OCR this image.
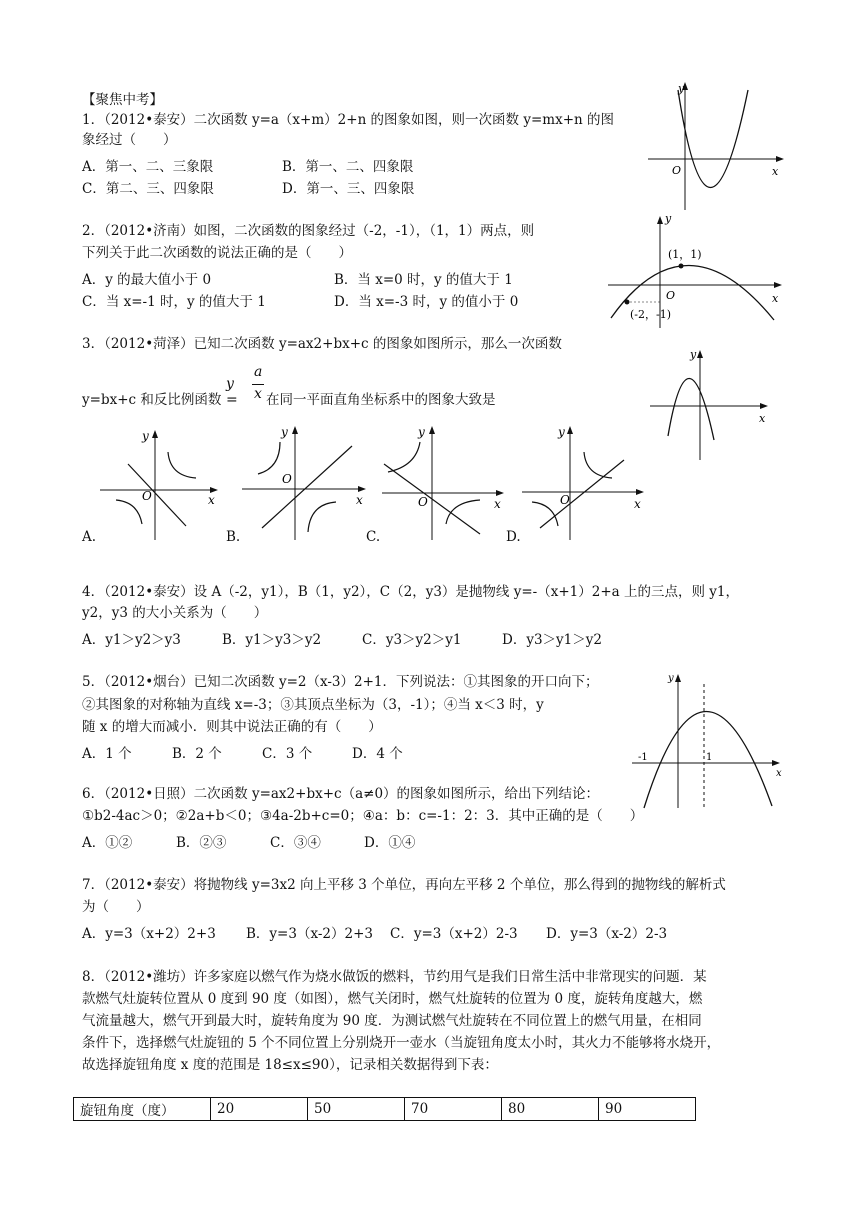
【聚焦中考】
1．（2012•泰安）二次函数 y=a（x+m）2+n 的图象如图，则一次函数 y=mx+n 的图
象经过（　　）
A．第一、二、三象限	B．第一、二、四象限
C．第二、三、四象限	D．第一、三、四象限
y
O	x
2．（2012•济南）如图，二次函数的图象经过（-2，-1），（1，1）两点，则
下列关于此二次函数的说法正确的是（　　）
A．y 的最大值小于 0	B．当 x=0 时，y 的值大于 1
C．当 x=-1 时，y 的值大于 1	D．当 x=-3 时，y 的值小于 0
y
O	x
(1，1)
(-2，-1)
3．（2012•菏泽）已知二次函数 y=ax2+bx+c 的图象如图所示，那么一次函数
y=bx+c 和反比例函数
y =
a
x 在同一平面直角坐标系中的图象大致是
y
x
y
O	x
A.
y
O
x
B.
y
O	x
C.
y
O	x
D.
4．（2012•泰安）设 A（-2，y1），B（1，y2），C（2，y3）是抛物线 y=-（x+1）2+a 上的三点，则 y1，
y2，y3 的大小关系为（　　）
A．y1＞y2＞y3	B．y1＞y3＞y2	C．y3＞y2＞y1	D．y3＞y1＞y2
5．（2012•烟台）已知二次函数 y=2（x-3）2+1．下列说法：①其图象的开口向下；
②其图象的对称轴为直线 x=-3；③其顶点坐标为（3，-1）；④当 x＜3 时，y
随 x 的增大而减小．则其中说法正确的有（　　）
A．1 个	B．2 个	C．3 个	D．4 个
y
x
-1	1
6．（2012•日照）二次函数 y=ax2+bx+c（a≠0）的图象如图所示，给出下列结论：
①b2-4ac＞0；②2a+b＜0；③4a-2b+c=0；④a：b：c=-1：2：3．其中正确的是（　　）
A．①②	B．②③	C．③④	D．①④
7．（2012•泰安）将抛物线 y=3x2 向上平移 3 个单位，再向左平移 2 个单位，那么得到的抛物线的解析式
为（　　）
A．y=3（x+2）2+3 B．y=3（x-2）2+3 C．y=3（x+2）2-3 D．y=3（x-2）2-3
8．（2012•潍坊）许多家庭以燃气作为烧水做饭的燃料，节约用气是我们日常生活中非常现实的问题．某
款燃气灶旋转位置从 0 度到 90 度（如图），燃气关闭时，燃气灶旋转的位置为 0 度，旋转角度越大，燃
气流量越大，燃气开到最大时，旋转角度为 90 度．为测试燃气灶旋转在不同位置上的燃气用量，在相同
条件下，选择燃气灶旋钮的 5 个不同位置上分别烧开一壶水（当旋钮角度太小时，其火力不能够将水烧开，
故选择旋钮角度 x 度的范围是 18≤x≤90），记录相关数据得到下表：
旋钮角度（度）	20	50	70	80	90
